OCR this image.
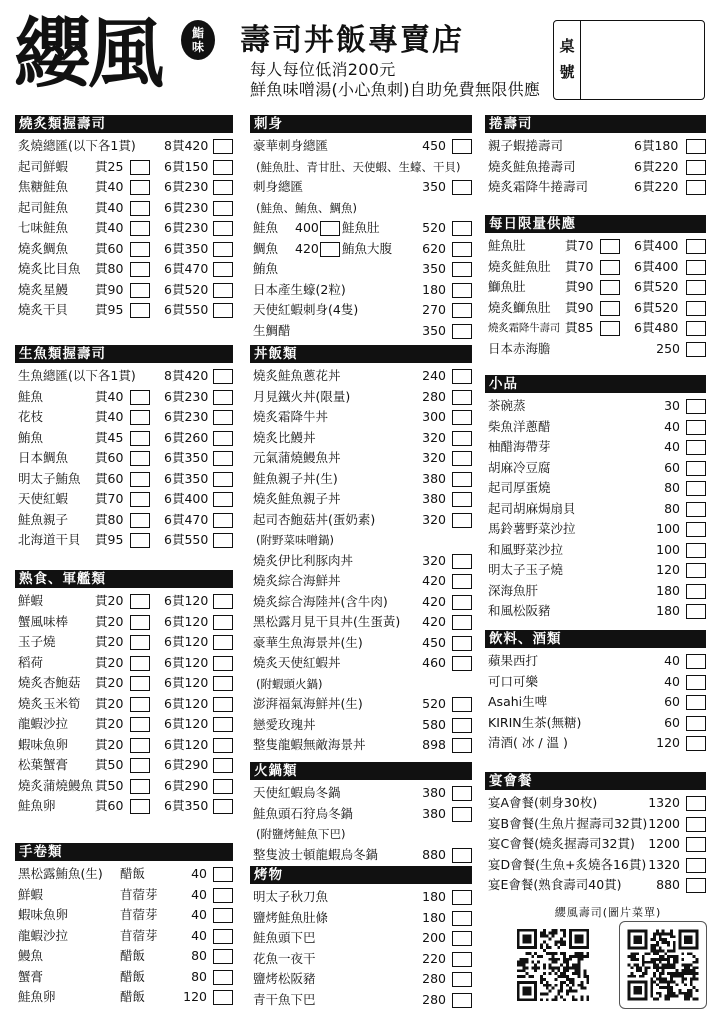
纓風 鮨
味 壽司丼飯專賣店
每人每位低消200元
鮮魚味噌湯(小心魚刺)自助免費無限供應
桌
號
燒炙類握壽司
炙燒總匯(以下各1貫) 8貫420
起司鮮蝦 貫25	6貫150
焦糖鮭魚 貫40	6貫230
起司鮭魚 貫40	6貫230
七味鮭魚 貫40	6貫230
燒炙鯛魚 貫60	6貫350
燒炙比目魚 貫80	6貫470
燒炙星鰻 貫90	6貫520
燒炙干貝 貫95	6貫550
生魚類握壽司
生魚總匯(以下各1貫) 8貫420
鮭魚	貫40	6貫230
花枝	貫40	6貫230
鮪魚	貫45	6貫260
日本鯛魚 貫60	6貫350
明太子鮪魚 貫60	6貫350
天使紅蝦 貫70	6貫400
鮭魚親子 貫80	6貫470
北海道干貝 貫95	6貫550
熟食、軍艦類
鮮蝦	貫20	6貫120
蟹風味棒 貫20	6貫120
玉子燒	貫20	6貫120
稻荷	貫20	6貫120
燒炙杏鮑菇 貫20	6貫120
燒炙玉米筍 貫20	6貫120
龍蝦沙拉 貫20	6貫120
蝦味魚卵 貫20	6貫120
松葉蟹膏 貫50	6貫290
燒炙蒲燒鰻魚 貫50	6貫290
鮭魚卵	貫60	6貫350
手卷類
黑松露鮪魚(生) 醋飯	40
鮮蝦	苜蓿芽	40
蝦味魚卵	苜蓿芽	40
龍蝦沙拉	苜蓿芽	40
鰻魚	醋飯	80
蟹膏	醋飯	80
鮭魚卵	醋飯	120
刺身
豪華刺身總匯	450
(鮭魚肚、青甘肚、天使蝦、生蠔、干貝)
刺身總匯	350
(鮭魚、鮪魚、鯛魚)
鮭魚 400 鮭魚肚	520
鯛魚 420 鮪魚大腹 620
鮪魚	350
日本產生蠔(2粒)	180
天使紅蝦刺身(4隻)	270
生鯛醋	350
丼飯類
燒炙鮭魚蔥花丼	240
月見鐵火丼(限量)	280
燒炙霜降牛丼	300
燒炙比鰻丼	320
元氣蒲燒鰻魚丼	320
鮭魚親子丼(生)	380
燒炙鮭魚親子丼	380
起司杏鮑菇丼(蛋奶素)	320
(附野菜味噌鍋)
燒炙伊比利豚肉丼	320
燒炙綜合海鮮丼	420
燒炙綜合海陸丼(含牛肉)	420
黑松露月見干貝丼(生蛋黃) 420
豪華生魚海景丼(生)	450
燒炙天使紅蝦丼	460
(附蝦頭火鍋)
澎湃福氣海鮮丼(生)	520
戀愛玫瑰丼	580
整隻龍蝦無敵海景丼	898
火鍋類
天使紅蝦烏冬鍋	380
鮭魚頭石狩烏冬鍋	380
(附鹽烤鮭魚下巴)
整隻波士頓龍蝦烏冬鍋	880
烤物
明太子秋刀魚	180
鹽烤鮭魚肚條	180
鮭魚頭下巴	200
花魚一夜干	220
鹽烤松阪豬	280
青干魚下巴	280
捲壽司
親子蝦捲壽司	6貫180
燒炙鮭魚捲壽司	6貫220
燒炙霜降牛捲壽司	6貫220
每日限量供應
鮭魚肚	貫70	6貫400
燒炙鮭魚肚 貫70	6貫400
鰤魚肚	貫90	6貫520
燒炙鰤魚肚 貫90	6貫520
燒炙霜降牛壽司 貫85	6貫480
日本赤海膽	250
小品
茶碗蒸	30
柴魚洋蔥醋	40
柚醋海帶芽	40
胡麻冷豆腐	60
起司厚蛋燒	80
起司胡麻焗扇貝	80
馬鈴薯野菜沙拉	100
和風野菜沙拉	100
明太子玉子燒	120
深海魚肝	180
和風松阪豬	180
飲料、酒類
蘋果西打	40
可口可樂	40
Asahi生啤	60
KIRIN生茶(無糖)	60
清酒( 冰 / 溫 )	120
宴會餐
宴A會餐(刺身30枚)	1320
宴B會餐(生魚片握壽司32貫) 1200
宴C會餐(燒炙握壽司32貫) 1200
宴D會餐(生魚+炙燒各16貫) 1320
宴E會餐(熟食壽司40貫)	880
纓風壽司(圖片菜單)
